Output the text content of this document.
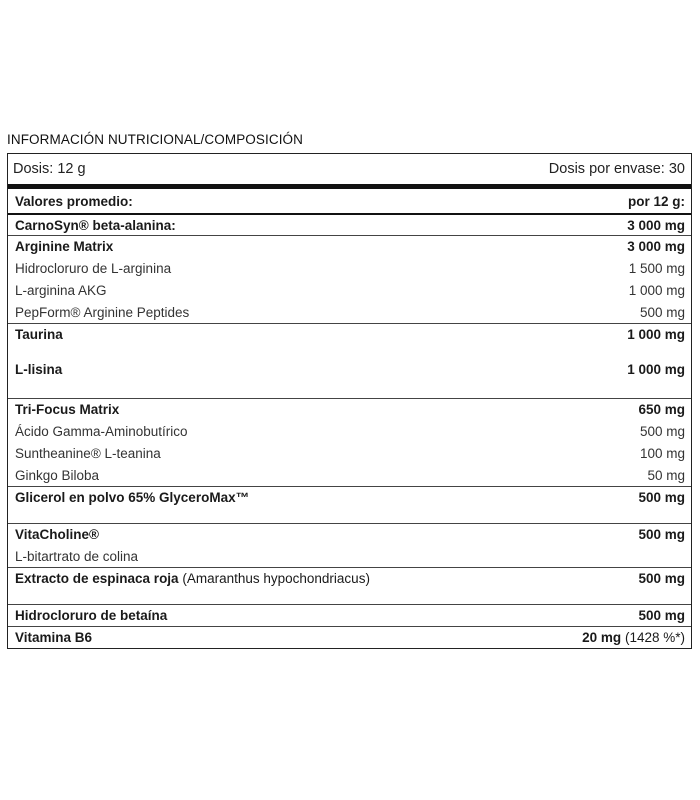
INFORMACIÓN NUTRICIONAL/COMPOSICIÓN
Dosis: 12 g	Dosis por envase: 30
Valores promedio:	por 12 g:
CarnoSyn® beta-alanina:	3 000 mg
Arginine Matrix	3 000 mg
Hidrocloruro de L-arginina	1 500 mg
L-arginina AKG	1 000 mg
PepForm® Arginine Peptides	500 mg
Taurina	1 000 mg
L-lisina	1 000 mg
Tri-Focus Matrix	650 mg
Ácido Gamma-Aminobutírico	500 mg
Suntheanine® L-teanina	100 mg
Ginkgo Biloba	50 mg
Glicerol en polvo 65% GlyceroMax™	500 mg
VitaCholine®	500 mg
L-bitartrato de colina
Extracto de espinaca roja (Amaranthus hypochondriacus)	500 mg
Hidrocloruro de betaína	500 mg
Vitamina B6	20 mg (1428 %*)
